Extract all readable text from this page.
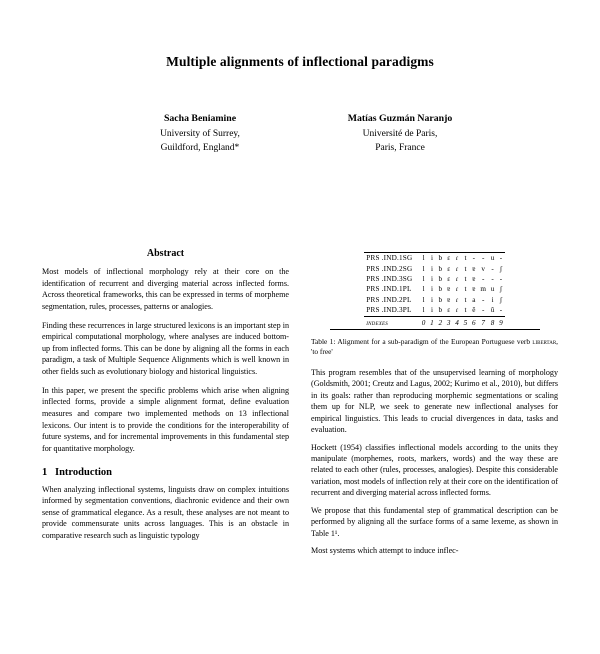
Multiple alignments of inflectional paradigms
Sacha Beniamine
University of Surrey,
Guildford, England*
Matías Guzmán Naranjo
Université de Paris,
Paris, France
Abstract

Most models of inflectional morphology rely at their core on the identification of recurrent and diverging material across inflected forms. Across theoretical frameworks, this can be expressed in terms of morpheme segmentation, rules, processes, patterns or analogies.

Finding these recurrences in large structured lexicons is an important step in empirical computational morphology, where analyses are induced bottom-up from inflected forms. This can be done by aligning all the forms in each paradigm, a task of Multiple Sequence Alignments which is well known in other fields such as evolutionary biology and historical linguistics.

In this paper, we present the specific problems which arise when aligning inflected forms, provide a simple alignment format, define evaluation measures and compare two implemented methods on 13 inflectional lexicons. Our intent is to provide the conditions for the interoperability of future systems, and for incremental improvements in this fundamental step for quantitative morphology.

1 Introduction

When analyzing inflectional systems, linguists draw on complex intuitions informed by segmentation conventions, diachronic evidence and their own sense of grammatical elegance. As a result, these analyses are not meant to provide commensurate units across languages. This is an obstacle in comparative research such as linguistic typology

PRS .IND.1SG	l	i	b	ɛ	ɾ	t	-	-	u	-
PRS .IND.2SG	l	i	b	ɛ	ɾ	t	ɐ	v	-	ʃ
PRS .IND.3SG	l	i	b	ɛ	ɾ	t	ɐ	-	-	-
PRS .IND.1PL	l	i	b	ɐ	ɾ	t	ɐ	m	u	ʃ
PRS .IND.2PL	l	i	b	ɐ	ɾ	t	a	-	i	ʃ
PRS .IND.3PL	l	i	b	ɛ	ɾ	t	ẽ	-	ũ	-
indexes	0	1	2	3	4	5	6	7	8	9
Table 1: Alignment for a sub-paradigm of the European Portuguese verb libertar, 'to free'

This program resembles that of the unsupervised learning of morphology (Goldsmith, 2001; Creutz and Lagus, 2002; Kurimo et al., 2010), but differs in its goals: rather than reproducing morphemic segmentations or scaling them up for NLP, we seek to generate new inflectional analyses for empirical linguistics. This leads to crucial divergences in data, tasks and evaluation.

Hockett (1954) classifies inflectional models according to the units they manipulate (morphemes, roots, markers, words) and the way these are related to each other (rules, processes, analogies). Despite this considerable variation, most models of inflection rely at their core on the identification of recurrent and diverging material across inflected forms.

We propose that this fundamental step of grammatical description can be performed by aligning all the surface forms of a same lexeme, as shown in Table 1¹.

Most systems which attempt to induce inflec-
